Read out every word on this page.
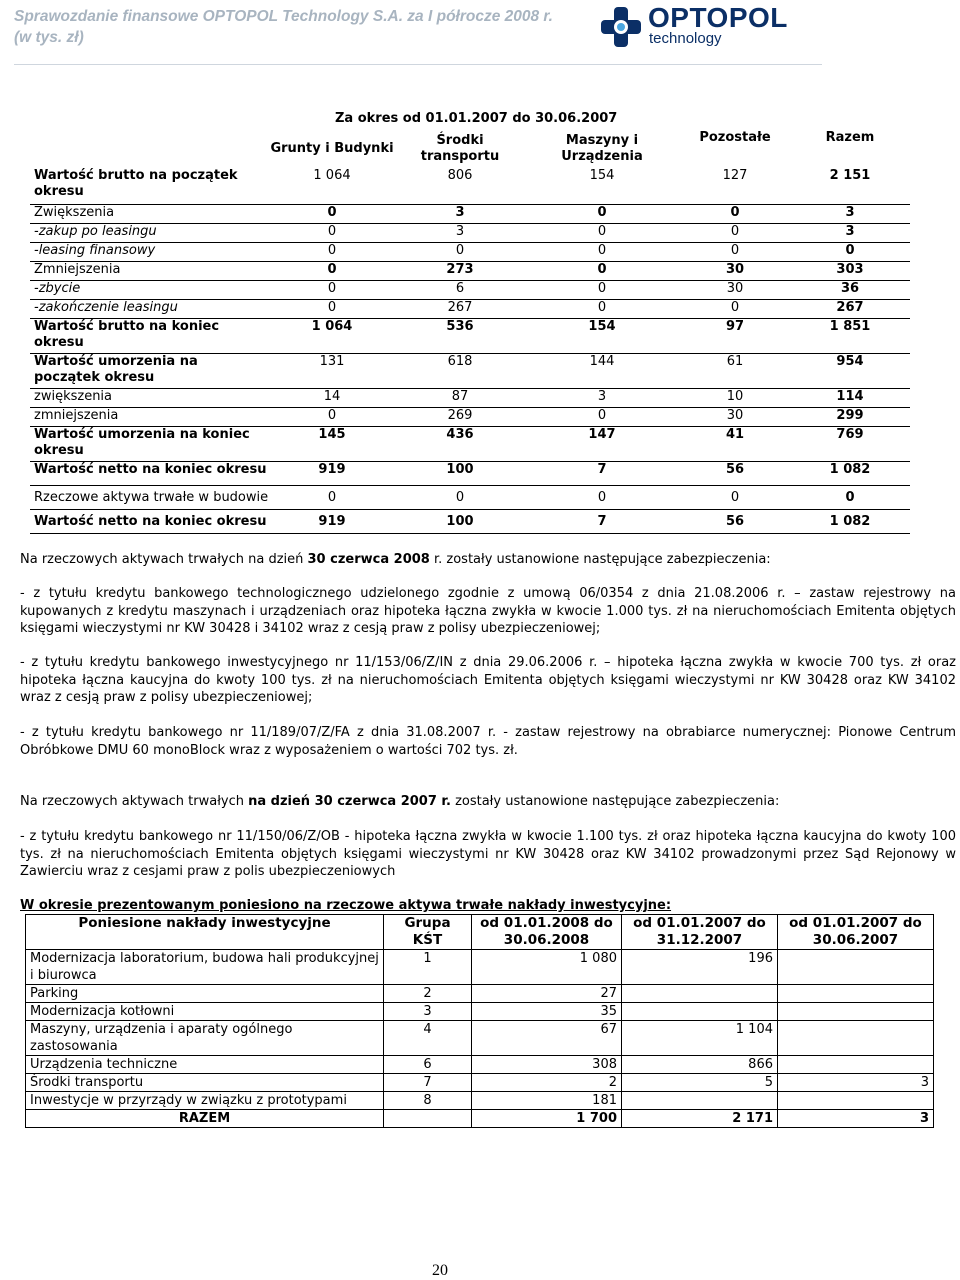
Sprawozdanie finansowe OPTOPOL Technology S.A. za I półrocze 2008 r.
(w tys. zł)
OPTOPOL
technology
Za okres od 01.01.2007 do 30.06.2007
	Grunty i Budynki	Środki transportu	Maszyny i Urządzenia	Pozostałe	Razem
Wartość brutto na początek okresu	1 064	806	154	127	2 151
Zwiększenia	0	3	0	0	3
-zakup po leasingu	0	3	0	0	3
-leasing finansowy	0	0	0	0	0
Zmniejszenia	0	273	0	30	303
-zbycie	0	6	0	30	36
-zakończenie leasingu	0	267	0	0	267
Wartość brutto na koniec okresu	1 064	536	154	97	1 851
Wartość umorzenia na początek okresu	131	618	144	61	954
zwiększenia	14	87	3	10	114
zmniejszenia	0	269	0	30	299
Wartość umorzenia na koniec okresu	145	436	147	41	769
Wartość netto na koniec okresu	919	100	7	56	1 082
Rzeczowe aktywa trwałe w budowie	0	0	0	0	0
Wartość netto na koniec okresu	919	100	7	56	1 082
Na rzeczowych aktywach trwałych na dzień 30 czerwca 2008 r. zostały ustanowione następujące zabezpieczenia:
- z tytułu kredytu bankowego technologicznego udzielonego zgodnie z umową 06/0354 z dnia 21.08.2006 r. – zastaw rejestrowy na kupowanych z kredytu maszynach i urządzeniach oraz hipoteka łączna zwykła w kwocie 1.000 tys. zł na nieruchomościach Emitenta objętych księgami wieczystymi nr KW 30428 i 34102 wraz z cesją praw z polisy ubezpieczeniowej;
- z tytułu kredytu bankowego inwestycyjnego nr 11/153/06/Z/IN z dnia 29.06.2006 r. – hipoteka łączna zwykła w kwocie 700 tys. zł oraz hipoteka łączna kaucyjna do kwoty 100 tys. zł na nieruchomościach Emitenta objętych księgami wieczystymi nr KW 30428 oraz KW 34102 wraz z cesją praw z polisy ubezpieczeniowej;
- z tytułu kredytu bankowego nr 11/189/07/Z/FA z dnia 31.08.2007 r. - zastaw rejestrowy na obrabiarce numerycznej: Pionowe Centrum Obróbkowe DMU 60 monoBlock wraz z wyposażeniem o wartości 702 tys. zł.
Na rzeczowych aktywach trwałych na dzień 30 czerwca 2007 r. zostały ustanowione następujące zabezpieczenia:
- z tytułu kredytu bankowego nr 11/150/06/Z/OB - hipoteka łączna zwykła w kwocie 1.100 tys. zł oraz hipoteka łączna kaucyjna do kwoty 100 tys. zł na nieruchomościach Emitenta objętych księgami wieczystymi nr KW 30428 oraz KW 34102 prowadzonymi przez Sąd Rejonowy w Zawierciu wraz z cesjami praw z polis ubezpieczeniowych
W okresie prezentowanym poniesiono na rzeczowe aktywa trwałe nakłady inwestycyjne:
Poniesione nakłady inwestycyjne	Grupa KŚT	od 01.01.2008 do 30.06.2008	od 01.01.2007 do 31.12.2007	od 01.01.2007 do 30.06.2007
Modernizacja laboratorium, budowa hali produkcyjnej i biurowca	1	1 080	196	
Parking	2	27		
Modernizacja kotłowni	3	35		
Maszyny, urządzenia i aparaty ogólnego zastosowania	4	67	1 104	
Urządzenia techniczne	6	308	866	
Środki transportu	7	2	5	3
Inwestycje w przyrządy w związku z prototypami	8	181		
RAZEM		1 700	2 171	3
20
